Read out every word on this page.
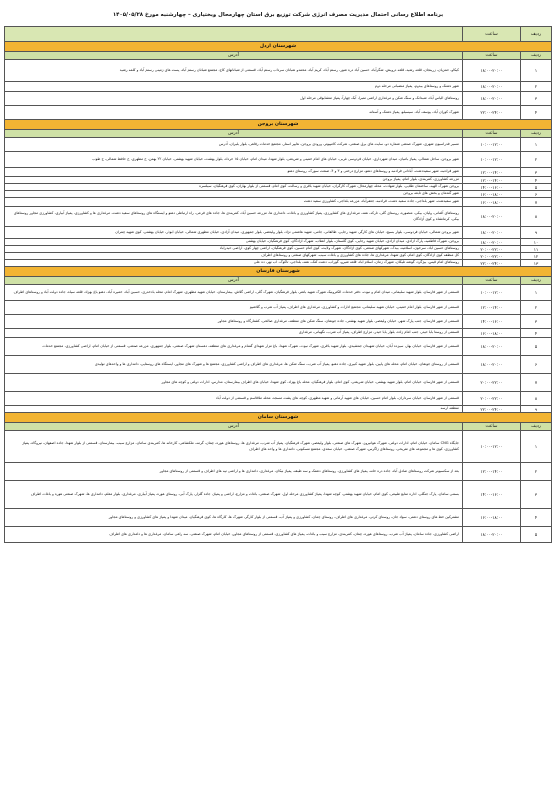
برنامه اطلاع رسانی احتمال مدیریت مصرف انرژی شرکت توزیع برق استان چهارمحال وبختیاری – چهارشنبه مورخ ۱۴۰۵/۰۵/۲۸
ردیف	ساعت	
شهرستان اردل		
ردیف	ساعت	آدرس
۱	۱۸:۰۰-۲۰:۰۰	کیکاو، حمزیان، زرینجان، قلعه رشید، قلعه درویش، شگرآباد، حسین آباد دره شور، رستم آباد، کریم آباد، محمدو شبانان سرداب رستم آباد، قسمتی از شبانانهای کاج، مجتمع شبانان رستم آباد، پست های زمینی رستم آباد و کلمه رشید
۲	۱۸:۰۰-۲۰:۰۰	شهر دشتک و روستاهای بیدوم، پمپاژ منصبانی مرحله دوم
۳	۱۸:۰۰-۲۰:۰۰	روستاهای الیاس آباد، شبدانک و سنگ شکن و مرغداری اراضی تمبرا، آبک چهارآ، پمپاژ تمشابوقی مرحله اول
۴	۲۲:۰۰-۲۴:۰۰	شهرک کوران آباد، یوسف آباد، سیسبلو، پمپاژ دشتک و آستانه
شهرستان بروجن		
ردیف	ساعت	آدرس
۱	۱۰:۰۰-۱۲:۰۰	مسیر فدراسیون شهری، شهرک صنعتی شماره دو، سایت های برق صنعتی، شرکت کامپیوتر، ورودی بروجن، هایپر استار، مجتمع خدمات رفاهی، بلوار بلیران، آدرس
۲	۱۰:۰۰-۱۲:۰۰	شهر بروجن، ساحل شمالی، پمپاژ بامیان، میدان شهرداری، خیابان فردوسی غربی، خیابان های امام خمینی و شریعتی، بلوار شهدا، میدان امام، خیابان ۱۵ خرداد، بلوار بهشت، خیابان شهید بهشتی، خیابان ۲۲ بهمن، خ مطهری، خ حافظ شمالی، خ طوب
۳	۱۲:۰۰-۱۴:۰۰	شهر فرادنبه، شهر سفیددشت، آبادانی فرادنبه و روستاهای دهنو، مزارع درختی و ۳ و ۴، صنعت سورک، روستای دهنو
۴	۱۲:۰۰-۱۴:۰۰	مزرعه کشاورزی، کمربندی، بلوار امام، پمپاژ بروجن
۵	۱۴:۰۰-۱۶:۰۰	بروجن شهرک الهیه، ساختمان طلایی، بلوار شهادت، محله چهارمحال، شهرک کارگران، خیابان شهید باقری و رسالت، کوی امام، قسمتی از بلوار بهاران، کوی فرهنگیان، سیلسره
۶	۱۶:۰۰-۱۸:۰۰	شهر گندمان و بخش های تابعه بروجن
۷	۱۶:۰۰-۱۸:۰۰	شهر سفیدشت، شهر بلداجی، جاده سفید دشت، فرادنبه، جعفرآباد، مزرعه بلداجی، کشاورزی سفید دشت
۸	۱۸:۰۰-۲۰:۰۰	روستاهای آلمانی، ولیان، بیکی، منصوره، روستای گلی، تارکه، نقنه، مرغداری های کشاورزی، پمپاژ کشاورزی و باغات، دامداری ها، مزرعه حسین آباد، کمربندی ها، جاده های فرعی، راه ارتباطی دهنو و ایستگاه های روستاهای سفید دشت، مرغداری ها و کشاورزی، پمپاژ آبیاری، کشاورزی مجاور روستاهای بیکی، کرمانشاه و کوی آزادگان
۹	۱۸:۰۰-۲۰:۰۰	شهر بروجن شمالی، خیابان فردوسی، بلوار بسیج، خیابان های کارگر، شهید رجایی، طالقانی، جامی، شهید هاشمی نژاد، بلوار ولیعصر، بلوار جمهوری، میدان آزادی، خیابان مطهری شمالی، خیابان ابوذر، خیابان بهشتی، کوی شهید چمران
۱۰	۱۸:۰۰-۲۰:۰۰	بروجن، شهرک فاطمیه، پارک آزادی، میدان آزادی، خیابان شهید رجایی، کوی گلستان، بلوار انقلاب، شهرک آزادگان، کوی فرهنگیان، خیابان بهشتی
۱۱	۲۰:۰۰-۲۲:۰۰	روستاهای حسین آباد، سرخون، اسلامیه، بیدک، شهرکهای صنعتی، کوی آزادگان، شهرک ولایت، کوی امام حسین، کوی فرهنگیان، اراضی چهار کوی، اراضی حیدرآباد
۱۲	۲۰:۰۰-۲۲:۰۰	کل منطقه کوی آزادگان، کوی امام، کوی شهدا، مرغداری ها، جاده های کشاورزی و باغات سیب، شهرکهای صنعتی و روستاهای اطراف
۱۳	۲۲:۰۰-۲۴:۰۰	روستاهای امام قیس، بیژگرد، گوشه تلیکان، شهرک زمان، اسلام آباد، قلعه شیرو، گوراب، دشت کتک، نقنه، بلداجی، تاکوک، آب نهر، ده علی
شهرستان فارسان		
ردیف	ساعت	آدرس
۱	۱۰:۰۰-۱۲:۰۰	قسمتی از شهر فارسان، بلوار شهید سلیمانی، میدان امام و نبوت، دفتر خدمات الکترونیک شهرک شهید باهنر، بلوار فرهنگیان، شهرک گلی، اراضی گلاش، بیمارستان، خیابان شهید مطهری، شهرک امام، محله بادخدری، حسین آباد، خمیره آباد، دهنو باغ بهزاد، قلعه سیاه، جاده دولت آباد و روستاهای اطراف
۲	۱۲:۰۰-۱۴:۰۰	قسمتی از شهر فارسان، بلوار امام خمینی، خیابان شهید سلیمانی، مجتمع ادارات و کشاورزی، مرغداری های اطراف، پمپاژ آب شرب و گلاشیو
۳	۱۴:۰۰-۱۶:۰۰	قسمتی از شهر فارسان، جنب پارک شهر، خیابان ولیعصر، بلوار شهید بهشتی، جاده جونقان، سنگ شکن های منطقه، مرغداری صالحی، کشتارگاه و روستاهای مجاور
۴	۱۶:۰۰-۱۸:۰۰	قسمتی از روستا بابا حیدر، جنب امام زاده، بلوار بابا حیدر، مزارع اطراف، پمپاژ آب شرب، نگهبانی، مرغداری
۵	۱۸:۰۰-۲۰:۰۰	قسمتی از شهر فارسان، خیابان بهار، سیزده آبان، خیابان شهیدان جمشیدی، بلوار شهید باقری، شهرک نبوت، شهرک شهدا، باغ مزار شهدای گمنام و مرغداری های منطقه، دهستان شهرک صنعتی، بلوار جمهوری، مزرعه صنعتی، قسمتی از خیابان امام، اراضی کشاورزی، مجتمع خدمات
۶	۱۸:۰۰-۲۰:۰۰	قسمتی از روستای جونقان، خیابان امام، محله های پایین، بلوار شهید کبیری، جاده دهنو، پمپاژ آب شرب، سنگ شکن ها، مرغداری های اطراف و اراضی کشاورزی، مجتمع ها و شهرک های مجاور، ایستگاه های روستایی، دامداری ها و واحدهای تولیدی
۷	۲۰:۰۰-۲۲:۰۰	قسمتی از شهر فارسان، خیابان امام، بلوار شهید بهشتی، خیابان شریعتی، کوی امام، بلوار فرهنگیان، محله باغ بهزاد، کوی شهدا، خیابان های اطراف بیمارستان، مدارس، ادارات دولتی و کوچه های مجاور
۸	۲۰:۰۰-۲۲:۰۰	قسمتی از شهر فارسان، خیابان سرداران، بلوار امام حسین، خیابان های شهید آرمانی و شهید مطهری، کوچه های پشت مسجد، محله ملاقاسم و قسمتی از دولت آباد
۹	۲۲:۰۰-۲۴:۰۰	منطقه ارسه
شهرستان سامان		
ردیف	ساعت	آدرس
۱	۱۰:۰۰-۱۲:۰۰	جایگاه CNG سامان، خیابان امام، ادارات دولتی، شهرک هوانیروز، شهرک های صنعتی، بلوار ولیعصر، شهرک فرهنگیان، پمپاژ آب شرب، مرغداری ها، روستاهای هوره، چمان، گرمه، ملکشاهی، کارخانه ها، کمربندی سامان، مزارع سیب، بیمارستان، قسمتی از بلوار شهدا، جاده اصفهان، نیروگاه، پمپاژ کشاورزی، کوی ها و مجموعه های تفریحی، روستاهای زاگرس، شهرک صنعتی، خیابان سعدی، مجتمع مسکونی، دامداری ها و واحد های اطراف
۲	۱۲:۰۰-۱۴:۰۰	بعد از سکسیونر شرکت روستاهای صادق آباد، جاده دره خانه، پمپاژ های کشاورزی، روستاهای دشتک و سه طبقه، پمپاژ نیکان، مرغداری، دامداری ها و اراضی تپه های اطراف و قسمتی از روستاهای مجاور
۳	۱۴:۰۰-۱۶:۰۰	بستنی سامان، پارک جنگلی، اداره منابع طبیعی، کوی امام، خیابان شهید بهشتی، کوچه شهدا، پمپاژ کشاورزی مرحله اول، شهرک صنعتی، باغات و مزارع، اراضی و پمپاژ، جاده گلزار، پارک آبی، روستای هوره، پمپاژ آبیاری، مرغداری، بلوار معلم، دامداری ها، شهرک صنعتی هوره و باغات اطراف
۴	۱۶:۰۰-۱۸:۰۰	مشترکین خط های روستای دشتی، سواد جان، روستای کرتی، مرغداری های اطراف، روستای چمان، کشاورزی و پمپاژ آب، قسمتی از بلوار کارگر، شهرک ها، کارگاه ها، کوی فرهنگیان، میدان شهدا و پمپاژ های کشاورزی و روستاهای مجاور
۵	۱۸:۰۰-۲۰:۰۰	اراضی کشاورزی، جاده سامان، پمپاژ آب شرب، روستاهای هوره، چمان، کمربندی، مزارع سیب و باغات، پمپاژ های کشاورزی، قسمتی از روستاهای مجاور، خیابان امام، شهرک صنعتی، سه راهی سامان، مرغداری ها و دامداری های اطراف
